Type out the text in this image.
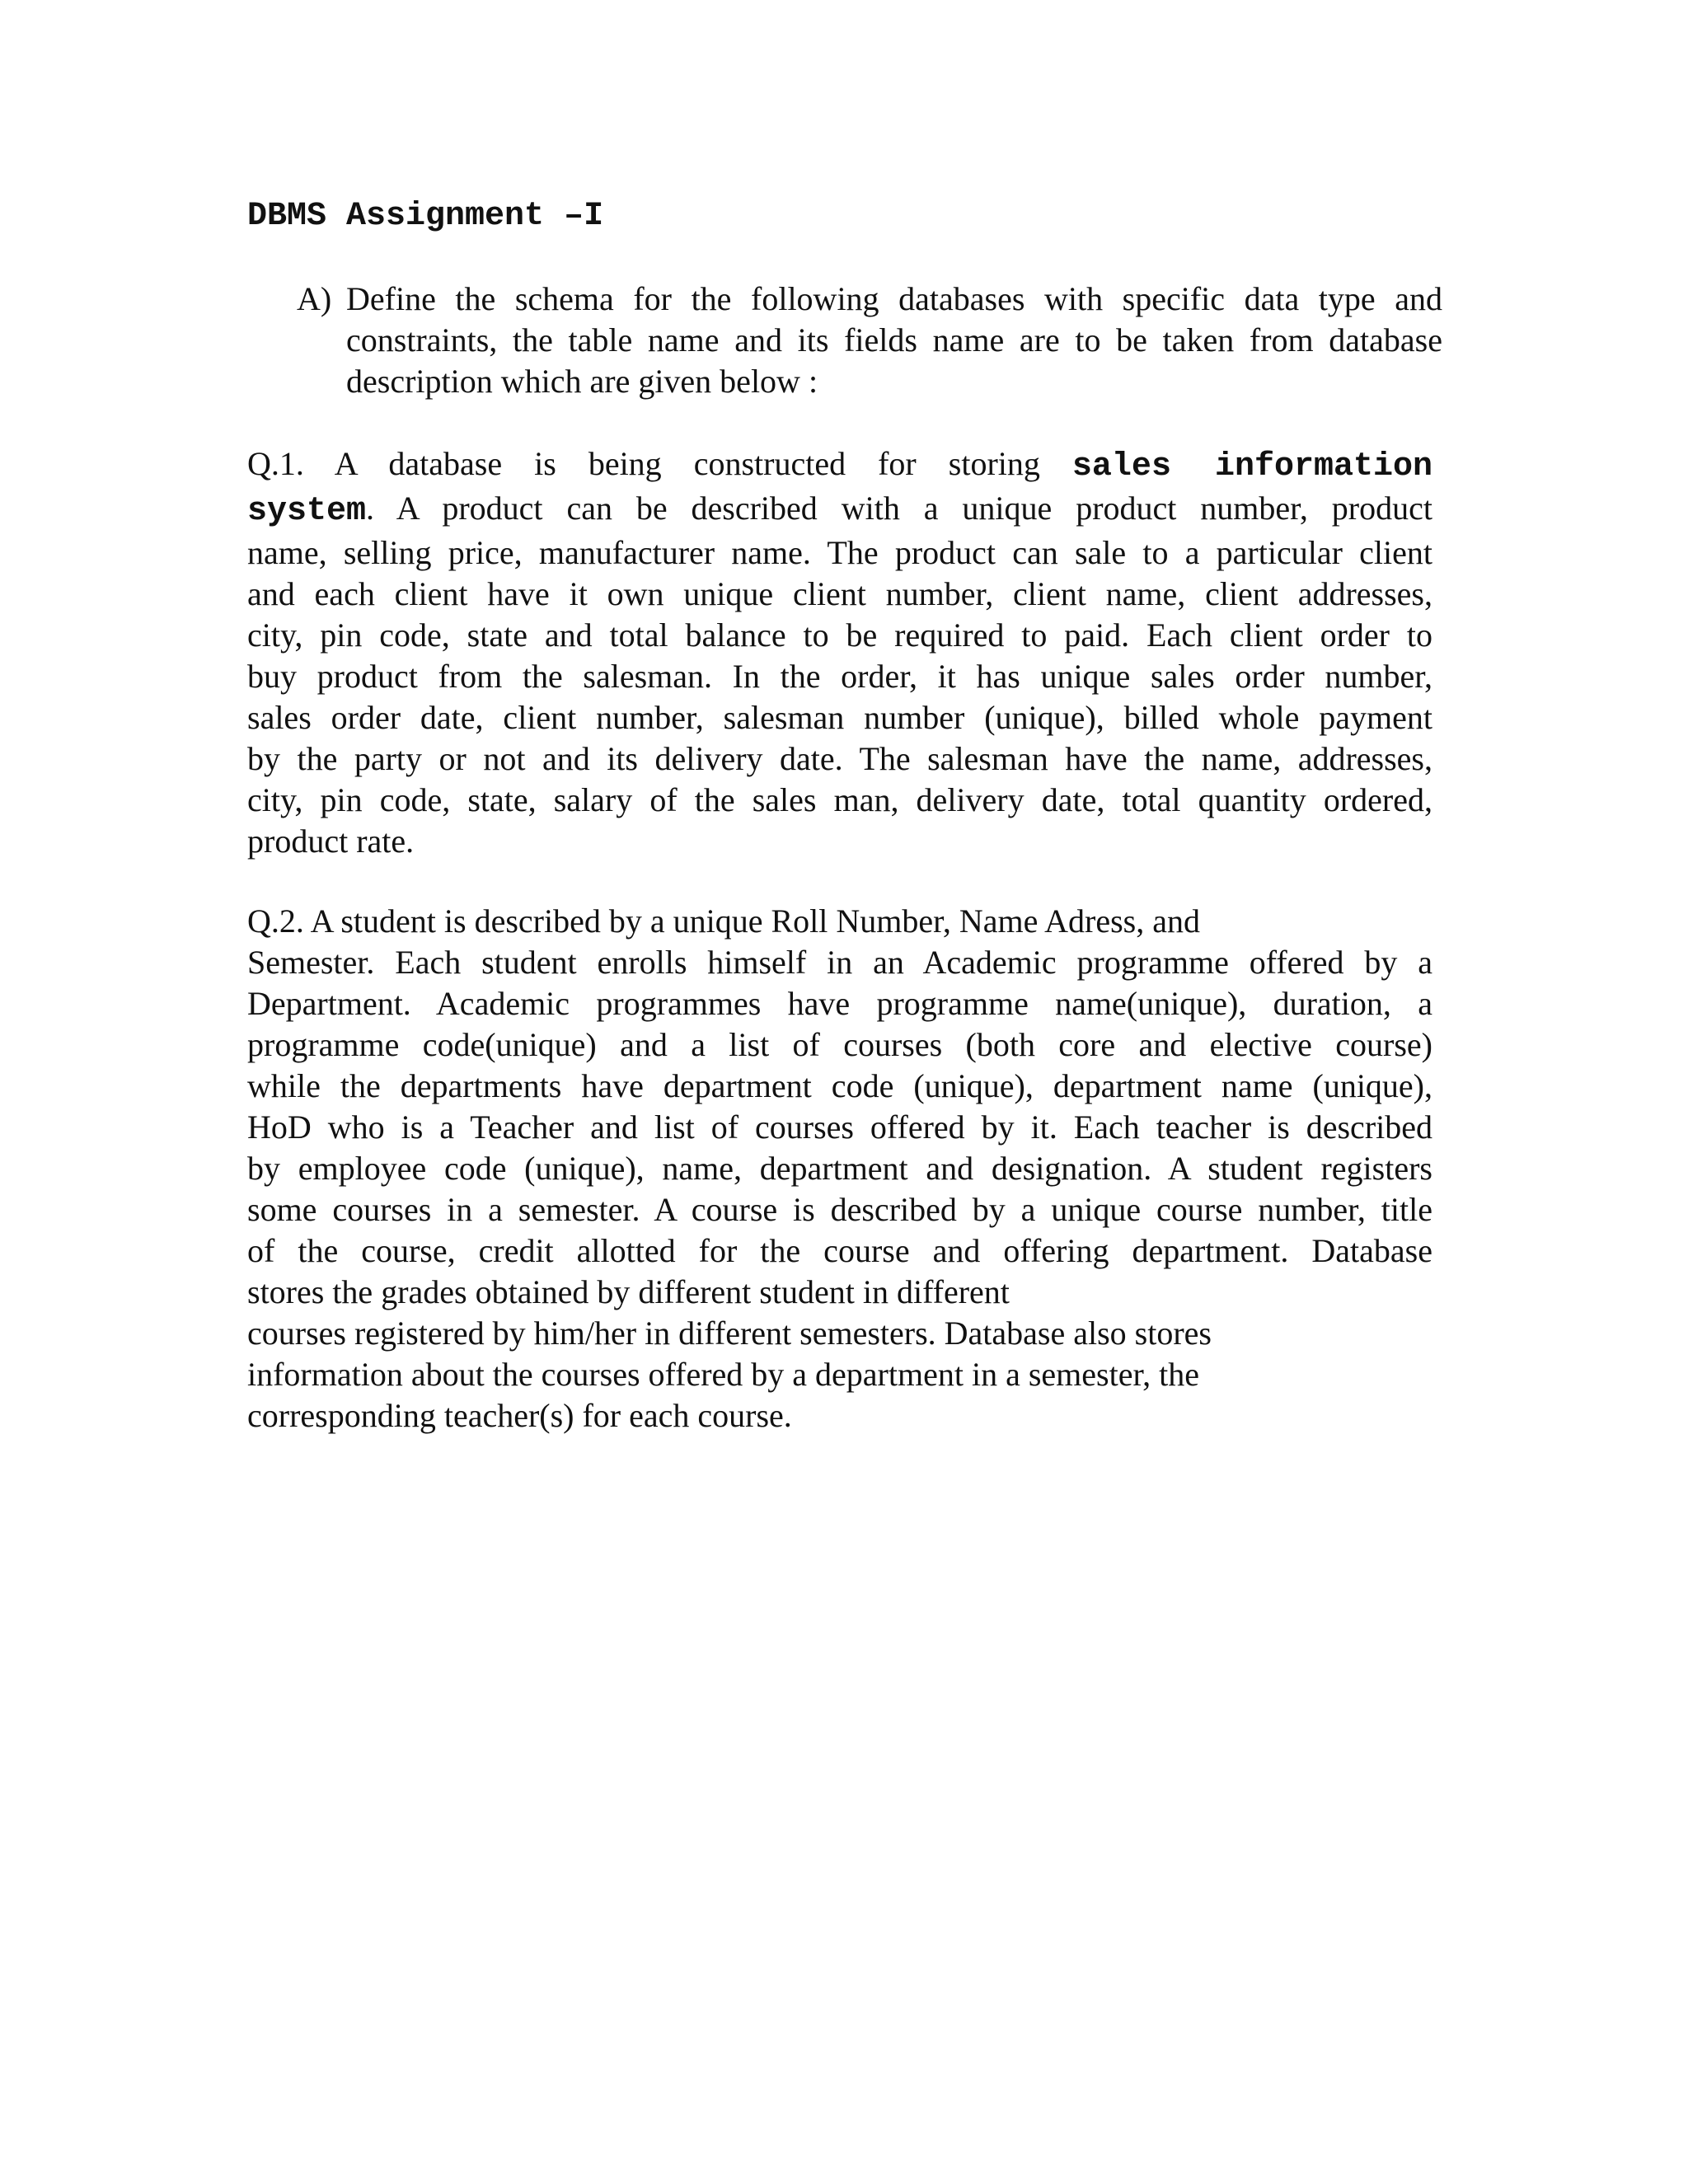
DBMS Assignment –I
A) Define the schema for the following databases with specific data type and
constraints, the table name and its fields name are to be taken from database
description which are given below :
Q.1. A database is being constructed for storing sales information
system. A product can be described with a unique product number, product
name, selling price, manufacturer name. The product can sale to a particular client
and each client have it own unique client number, client name, client addresses,
city, pin code, state and total balance to be required to paid. Each client order to
buy product from the salesman. In the order, it has unique sales order number,
sales order date, client number, salesman number (unique), billed whole payment
by the party or not and its delivery date. The salesman have the name, addresses,
city, pin code, state, salary of the sales man, delivery date, total quantity ordered,
product rate.
Q.2. A student is described by a unique Roll Number, Name Adress, and
Semester. Each student enrolls himself in an Academic programme offered by a
Department. Academic programmes have programme name(unique), duration, a
programme code(unique) and a list of courses (both core and elective course)
while the departments have department code (unique), department name (unique),
HoD who is a Teacher and list of courses offered by it. Each teacher is described
by employee code (unique), name, department and designation. A student registers
some courses in a semester. A course is described by a unique course number, title
of the course, credit allotted for the course and offering department. Database
stores the grades obtained by different student in different
courses registered by him/her in different semesters. Database also stores
information about the courses offered by a department in a semester, the
corresponding teacher(s) for each course.
